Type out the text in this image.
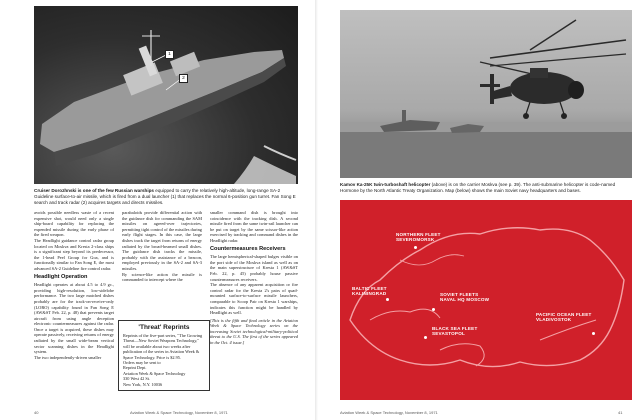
1
2
Cruiser Dorozhnski is one of the few Russian warships equipped to carry the relatively high-altitude, long-range SA-2 Guideline surface-to-air missile, which is fired from a dual launcher (1) that replaces the normal 6-position gun turret. Fan Song E search and track radar (2) acquires targets and directs missiles.

avoids possible needless waste of a recent expensive shot, would need only a single ship-board capability for replacing the expended missile during the early phase of the fired weapon.

The Headlight guidance control radar group located on Moskva and Kresta 2-class ships is a significant step beyond its predecessor, the 1-head Peel Group for Goa, and is functionally similar to Fan Song E, the most advanced SA-2 Guideline fire control radar.

Headlight Operation

Headlight operates at about 4.5 to 4.9 gc., providing high-resolution, low-sidelobe performance. The two large matched dishes probably are for the track-on-receive-only (LORO) capability found in Fan Song E (AW&ST Feb. 22, p. 48) that prevents target aircraft from using angle deception electronic countermeasures against the radar. Once a target is acquired, these dishes may operate passively, receiving returns of energy radiated by the small wide-beam vertical sector scanning dishes in the Headlight system.

The two independently-driven smaller

parabaloids provide differential action with the guidance dish for commanding the SAM missiles on agreed-over trajectories, permitting tight control of the missiles during early flight stages. In this case, the large dishes track the target from returns of energy radiated by the broad-beamed small dishes. The guidance dish tracks the missile, probably with the assistance of a beacon, employed previously in the SA-2 and SA-3 missiles.

By science-like action the missile is commanded to intercept where the

'Threat' Reprints
Reprints of the five-part series, "The Growing Threat—New Soviet Weapons Technology," will be available about two weeks after publication of the series in Aviation Week & Space Technology. Price is $2.95.
Orders may be sent to
Reprint Dept.
Aviation Week & Space Technology
330 West 42 St.
New York, N.Y. 10036

smaller command dish is brought into coincidence with the tracking dish. A second missile fired from the same twin-rail launcher can be put on target by the same scissor-like action exercised by tracking and command dishes in the Headlight radar.

Countermeasures Receivers

The large hemispherical-shaped bulges visible on the port side of the Moskva island as well as on the main superstructure of Kresta 1 (AW&ST Feb. 22, p. 45) probably house passive countermeasures receivers.

The absence of any apparent acquisition or fire control radar for the Kresta 2's pairs of quad-mounted surface-to-surface missile launchers, comparable to Scoop Pair on Kresta 1 warships, indicates this function might be handled by Headlight as well.

[This is the fifth and final article in the Aviation Week & Space Technology series on the increasing Soviet technological-military-political threat to the U.S. The first of the series appeared in the Oct. 4 issue.]

40	Aviation Week & Space Technology, November 8, 1971
Kamov Ka-25K twin-turboshaft helicopter (above) is on the carrier Moskva (see p. 39). The anti-submarine helicopter is code-named Hormone by the North Atlantic Treaty Organization. Map (below) shows the main Soviet navy headquarters and bases.
NORTHERN FLEET
SEVEROMORSK
BALTIC FLEET
KALININGRAD	SOVIET FLEETS
NAVAL HQ MOSCOW
BLACK SEA FLEET
SEVASTOPOL
PACIFIC OCEAN FLEET
VLADIVOSTOK
Aviation Week & Space Technology, November 8, 1971	41
